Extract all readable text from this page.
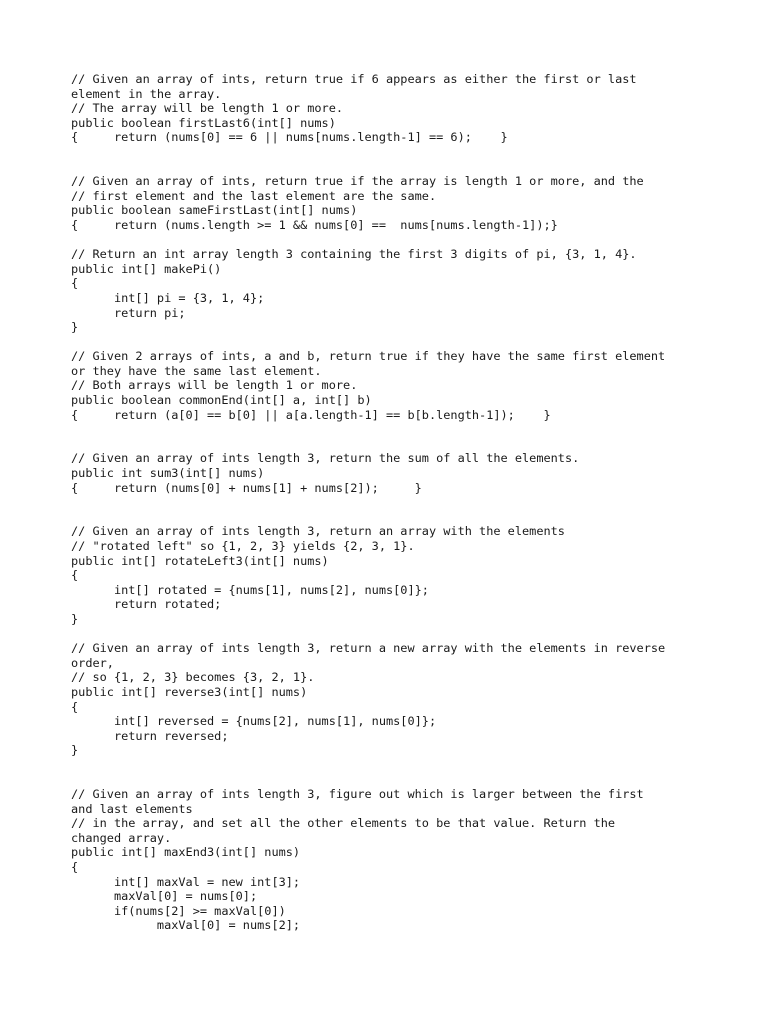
// Given an array of ints, return true if 6 appears as either the first or last
element in the array.
// The array will be length 1 or more.
public boolean firstLast6(int[] nums)
{     return (nums[0] == 6 || nums[nums.length-1] == 6);    }
// Given an array of ints, return true if the array is length 1 or more, and the
// first element and the last element are the same.
public boolean sameFirstLast(int[] nums)
{     return (nums.length >= 1 && nums[0] ==  nums[nums.length-1]);}
// Return an int array length 3 containing the first 3 digits of pi, {3, 1, 4}.
public int[] makePi()
{
int[] pi = {3, 1, 4};
return pi;
}
// Given 2 arrays of ints, a and b, return true if they have the same first element
or they have the same last element.
// Both arrays will be length 1 or more.
public boolean commonEnd(int[] a, int[] b)
{     return (a[0] == b[0] || a[a.length-1] == b[b.length-1]);    }
// Given an array of ints length 3, return the sum of all the elements.
public int sum3(int[] nums)
{     return (nums[0] + nums[1] + nums[2]);     }
// Given an array of ints length 3, return an array with the elements
// "rotated left" so {1, 2, 3} yields {2, 3, 1}.
public int[] rotateLeft3(int[] nums)
{
int[] rotated = {nums[1], nums[2], nums[0]};
return rotated;
}
// Given an array of ints length 3, return a new array with the elements in reverse
order,
// so {1, 2, 3} becomes {3, 2, 1}.
public int[] reverse3(int[] nums)
{
int[] reversed = {nums[2], nums[1], nums[0]};
return reversed;
}
// Given an array of ints length 3, figure out which is larger between the first
and last elements
// in the array, and set all the other elements to be that value. Return the
changed array.
public int[] maxEnd3(int[] nums)
{
int[] maxVal = new int[3];
maxVal[0] = nums[0];
if(nums[2] >= maxVal[0])
maxVal[0] = nums[2];
